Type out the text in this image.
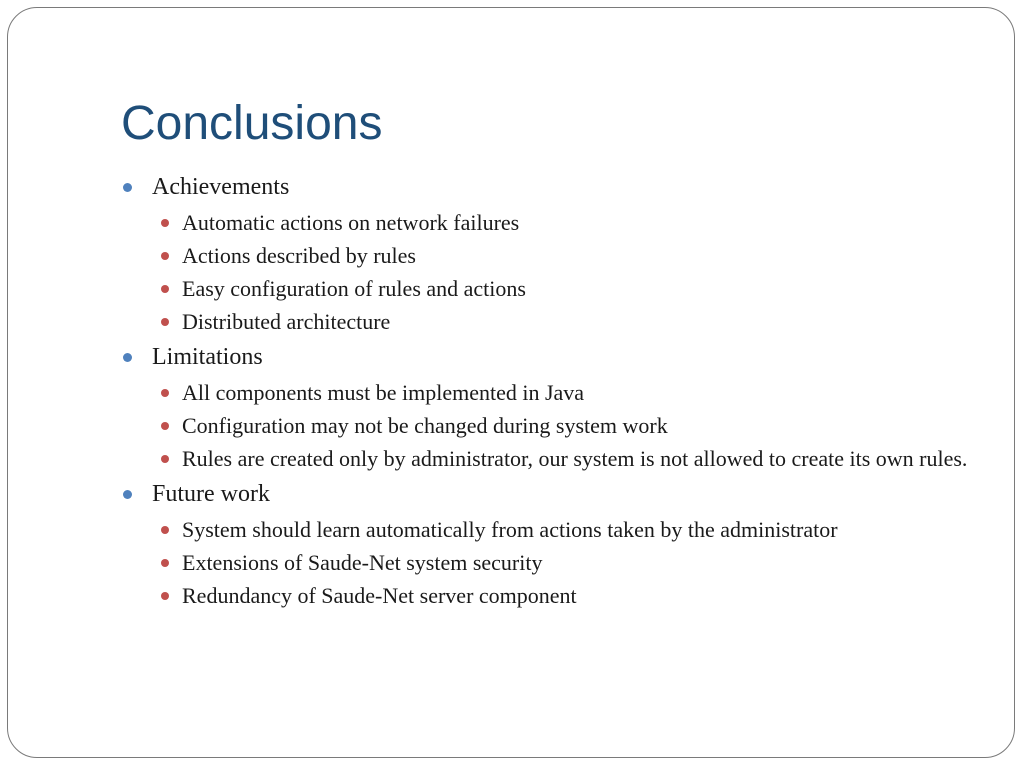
Conclusions
Achievements
Automatic actions on network failures
Actions described by rules
Easy configuration of rules and actions
Distributed architecture
Limitations
All components must be implemented in Java
Configuration may not be changed during system work
Rules are created only by administrator, our system is not allowed to create its own rules.
Future work
System should learn automatically from actions taken by the administrator
Extensions of Saude-Net system security
Redundancy of Saude-Net server component
